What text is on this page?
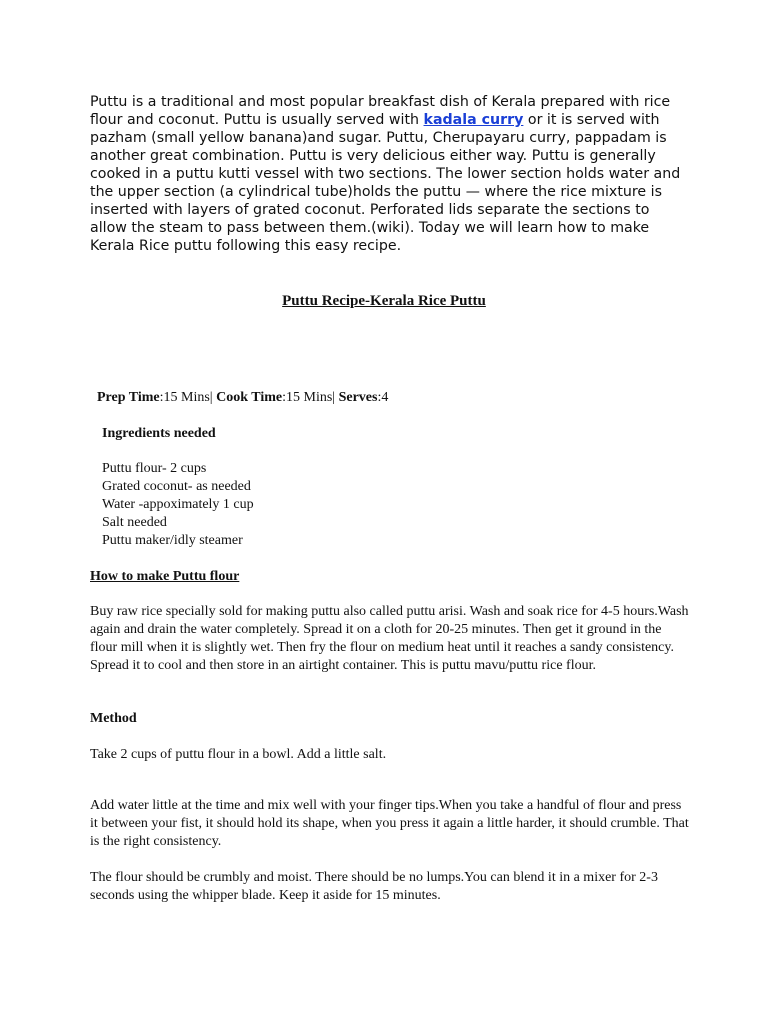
Puttu is a traditional and most popular breakfast dish of Kerala prepared with rice flour and coconut. Puttu is usually served with kadala curry or it is served with pazham (small yellow banana)and sugar. Puttu, Cherupayaru curry, pappadam is another great combination. Puttu is very delicious either way. Puttu is generally cooked in a puttu kutti vessel with two sections. The lower section holds water and the upper section (a cylindrical tube)holds the puttu — where the rice mixture is inserted with layers of grated coconut. Perforated lids separate the sections to allow the steam to pass between them.(wiki). Today we will learn how to make Kerala Rice puttu following this easy recipe.

Puttu Recipe-Kerala Rice Puttu

Prep Time:15 Mins| Cook Time:15 Mins| Serves:4

Ingredients needed

Puttu flour- 2 cups
Grated coconut- as needed
Water -appoximately 1 cup
Salt needed
Puttu maker/idly steamer

How to make Puttu flour

Buy raw rice specially sold for making puttu also called puttu arisi. Wash and soak rice for 4-5 hours.Wash again and drain the water completely. Spread it on a cloth for 20-25 minutes. Then get it ground in the flour mill when it is slightly wet. Then fry the flour on medium heat until it reaches a sandy consistency. Spread it to cool and then store in an airtight container. This is puttu mavu/puttu rice flour.

Method

Take 2 cups of puttu flour in a bowl. Add a little salt.

Add water little at the time and mix well with your finger tips.When you take a handful of flour and press it between your fist, it should hold its shape, when you press it again a little harder, it should crumble. That is the right consistency.

The flour should be crumbly and moist. There should be no lumps.You can blend it in a mixer for 2-3 seconds using the whipper blade. Keep it aside for 15 minutes.
